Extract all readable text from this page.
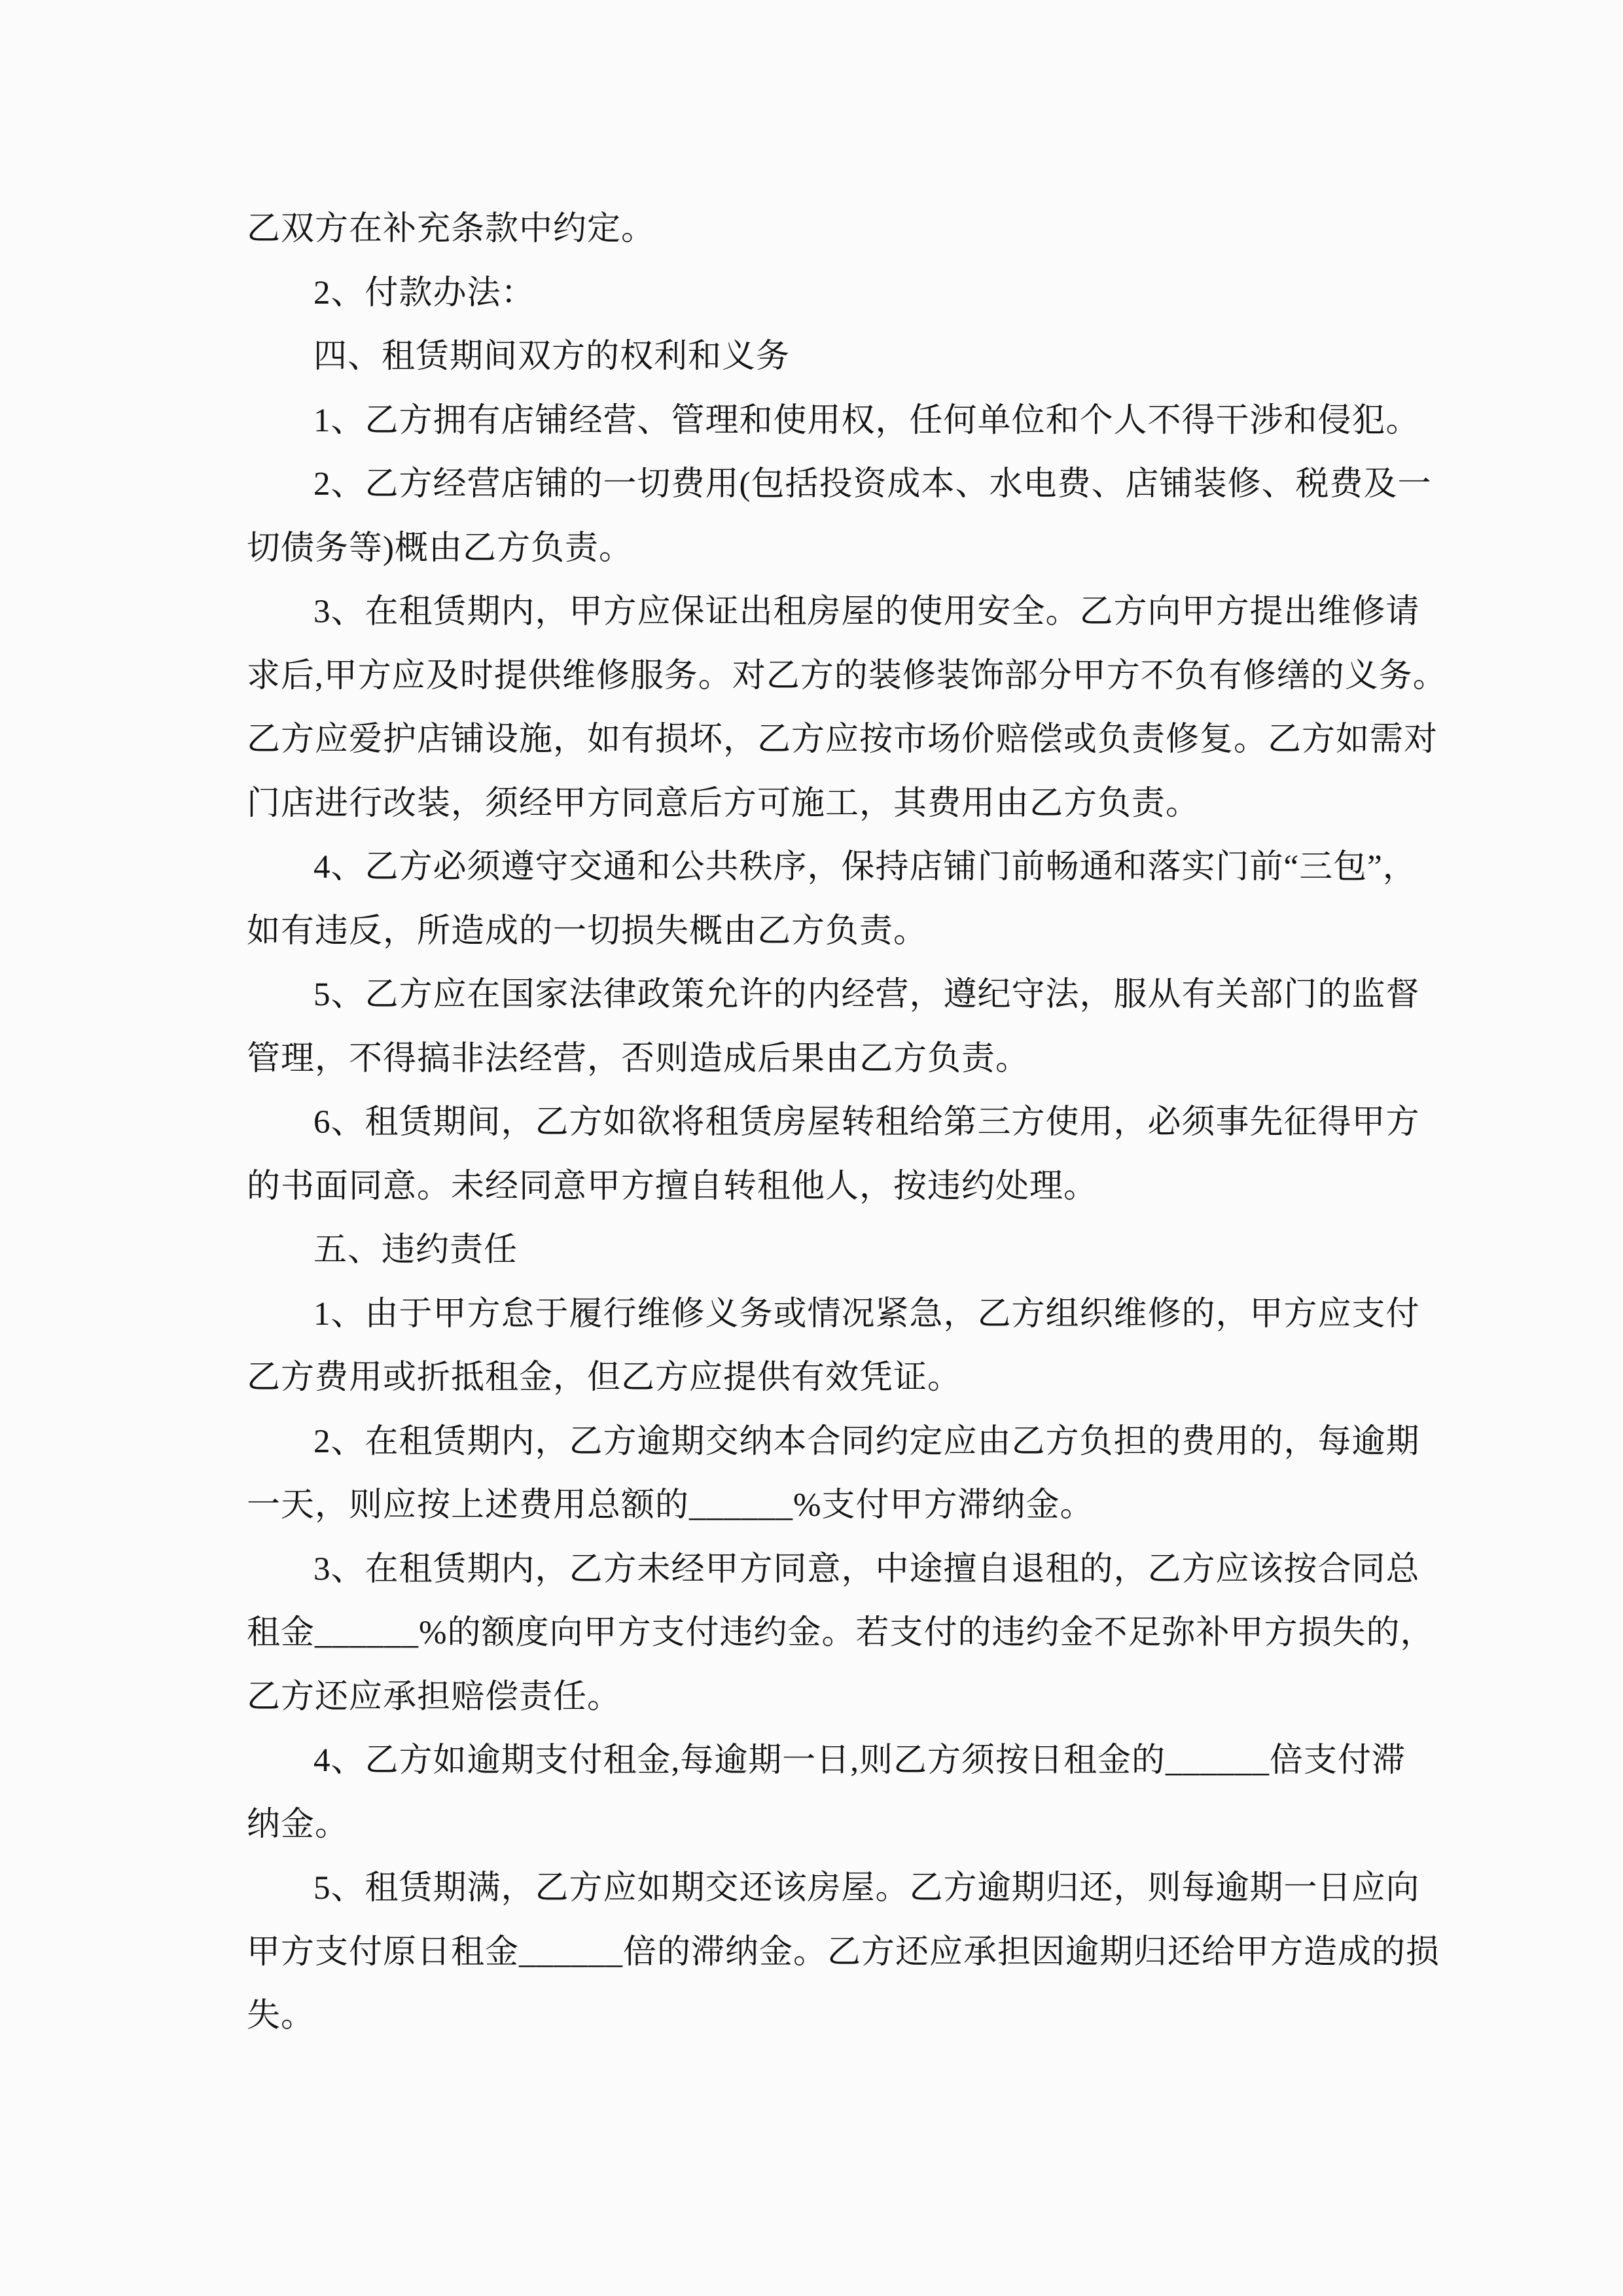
乙双方在补充条款中约定。
2、付款办法：
四、租赁期间双方的权利和义务
1、乙方拥有店铺经营、管理和使用权，任何单位和个人不得干涉和侵犯。
2、乙方经营店铺的一切费用(包括投资成本、水电费、店铺装修、税费及一
切债务等)概由乙方负责。
3、在租赁期内，甲方应保证出租房屋的使用安全。乙方向甲方提出维修请
求后,甲方应及时提供维修服务。对乙方的装修装饰部分甲方不负有修缮的义务。
乙方应爱护店铺设施，如有损坏，乙方应按市场价赔偿或负责修复。乙方如需对
门店进行改装，须经甲方同意后方可施工，其费用由乙方负责。
4、乙方必须遵守交通和公共秩序，保持店铺门前畅通和落实门前“三包”，
如有违反，所造成的一切损失概由乙方负责。
5、乙方应在国家法律政策允许的内经营，遵纪守法，服从有关部门的监督
管理，不得搞非法经营，否则造成后果由乙方负责。
6、租赁期间，乙方如欲将租赁房屋转租给第三方使用，必须事先征得甲方
的书面同意。未经同意甲方擅自转租他人，按违约处理。
五、违约责任
1、由于甲方怠于履行维修义务或情况紧急，乙方组织维修的，甲方应支付
乙方费用或折抵租金，但乙方应提供有效凭证。
2、在租赁期内，乙方逾期交纳本合同约定应由乙方负担的费用的，每逾期
一天，则应按上述费用总额的______%支付甲方滞纳金。
3、在租赁期内，乙方未经甲方同意，中途擅自退租的，乙方应该按合同总
租金______%的额度向甲方支付违约金。若支付的违约金不足弥补甲方损失的，
乙方还应承担赔偿责任。
4、乙方如逾期支付租金,每逾期一日,则乙方须按日租金的______倍支付滞
纳金。
5、租赁期满，乙方应如期交还该房屋。乙方逾期归还，则每逾期一日应向
甲方支付原日租金______倍的滞纳金。乙方还应承担因逾期归还给甲方造成的损
失。
